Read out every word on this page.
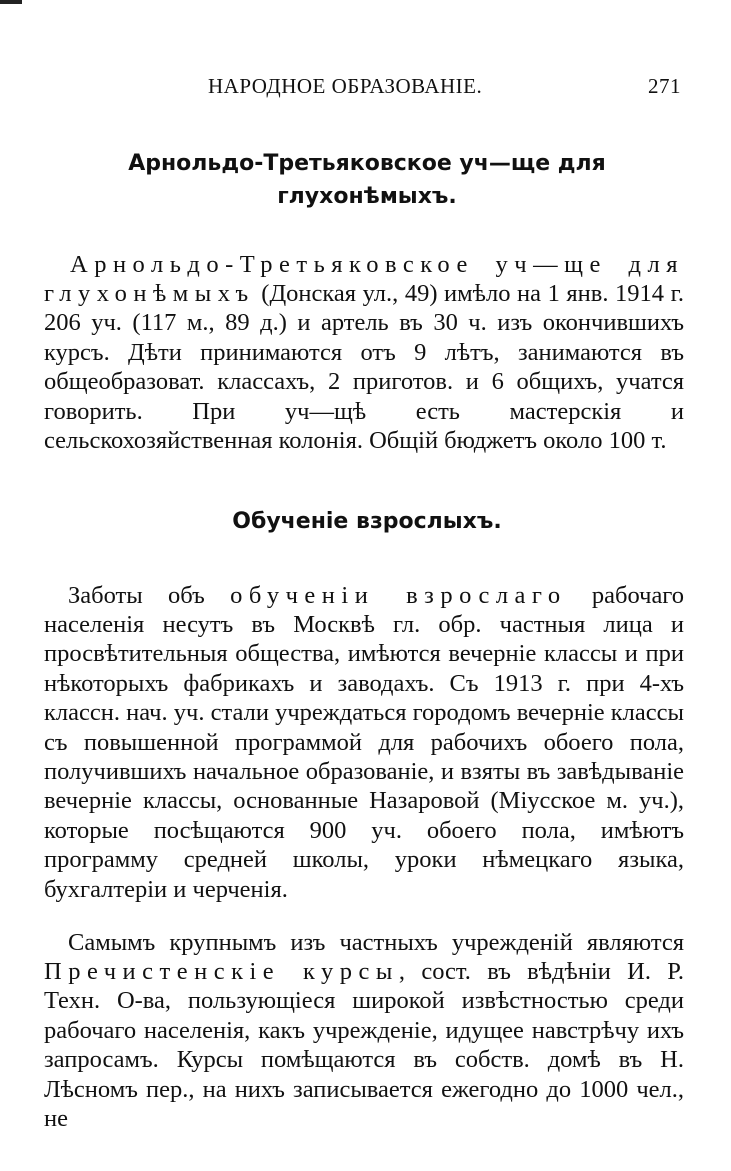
НАРОДНОЕ ОБРАЗОВАНIЕ.	271
Арнольдо-Третьяковское уч—ще для глухонѣмыхъ.

Арнольдо-Третьяковское уч—ще для глухонѣмыхъ (Донская ул., 49) имѣло на 1 янв. 1914 г. 206 уч. (117 м., 89 д.) и артель въ 30 ч. изъ окончившихъ курсъ. Дѣти принимаются отъ 9 лѣтъ, занимаются въ общеобразоват. классахъ, 2 приготов. и 6 общихъ, учатся говорить. При уч—щѣ есть мастерскiя и сельскохозяйственная колонiя. Общiй бюджетъ около 100 т.

Обученiе взрослыхъ.

Заботы объ обученiи взрослаго рабочаго населенiя несутъ въ Москвѣ гл. обр. частныя лица и просвѣтительныя общества, имѣются вечернiе классы и при нѣкоторыхъ фабрикахъ и заводахъ. Съ 1913 г. при 4-хъ классн. нач. уч. стали учреждаться городомъ вечернiе классы съ повышенной программой для рабочихъ обоего пола, получившихъ начальное образованiе, и взяты въ завѣдыванiе вечернiе классы, основанные Назаровой (Мiусское м. уч.), которые посѣщаются 900 уч. обоего пола, имѣютъ программу средней школы, уроки нѣмецкаго языка, бухгалтерiи и черченiя.

Самымъ крупнымъ изъ частныхъ учрежденiй являются Пречистенскiе курсы, сост. въ вѣдѣнiи И. Р. Техн. О-ва, пользующiеся широкой извѣстностью среди рабочаго населенiя, какъ учрежденiе, идущее навстрѣчу ихъ запросамъ. Курсы помѣщаются въ собств. домѣ въ Н. Лѣсномъ пер., на нихъ записывается ежегодно до 1000 чел., не
